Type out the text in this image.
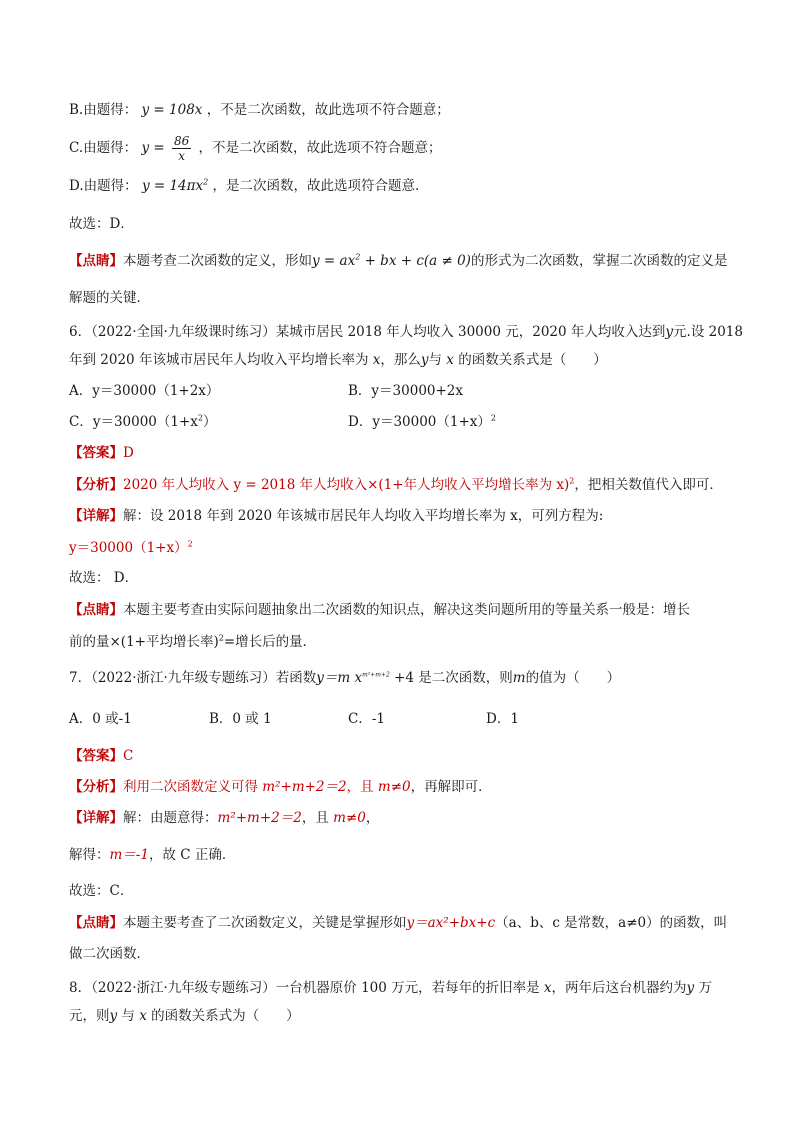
B.由题得： y = 108x ，不是二次函数，故此选项不符合题意；
C.由题得： $y = \frac{86}{x}$ ，不是二次函数，故此选项不符合题意；
D.由题得： $y = 14\pi x^2$ ，是二次函数，故此选项符合题意.
故选：D．
【点睛】本题考查二次函数的定义，形如$y = ax^2$ + bx + c(a ≠ 0)的形式为二次函数，掌握二次函数的定义是
解题的关键．
6．（2022·全国·九年级课时练习）某城市居民 2018 年人均收入 30000 元，2020 年人均收入达到y元.设 2018
年到 2020 年该城市居民年人均收入平均增长率为 x，那么y与 x 的函数关系式是（　　）
A．y＝30000（1+2x）	B．y＝30000+2x
C．$y=30000(1+x^2)$	D．$y=30000(1+x)^2$
【答案】D
【分析】2020 年人均收入 y = 2018 年人均收入×(1+年人均收入平均增长率为 x)$^2$，把相关数值代入即可．
【详解】解：设 2018 年到 2020 年该城市居民年人均收入平均增长率为 x，可列方程为:
$y=30000(1+x)^2$
故选： D．
【点睛】本题主要考查由实际问题抽象出二次函数的知识点，解决这类问题所用的等量关系一般是：增长
前的量×(1+平均增长率)$^2$=增长后的量．
7．（2022·浙江·九年级专题练习）若函数y＝m $x^{m^2+m+2} +4$ 是二次函数，则m的值为（　　）
A．0 或-1	B．0 或 1	C．-1	D．1
【答案】C
【分析】利用二次函数定义可得 m²+m+2＝2，且 m≠0，再解即可．
【详解】解：由题意得：m²+m+2＝2，且 m≠0，
解得：m＝-1，故 C 正确．
故选：C．
【点睛】本题主要考查了二次函数定义，关键是掌握形如y＝ax²+bx+c（a、b、c 是常数，a≠0）的函数，叫
做二次函数．
8．（2022·浙江·九年级专题练习）一台机器原价 100 万元，若每年的折旧率是 x，两年后这台机器约为y 万
元，则y 与 x 的函数关系式为（　　）
